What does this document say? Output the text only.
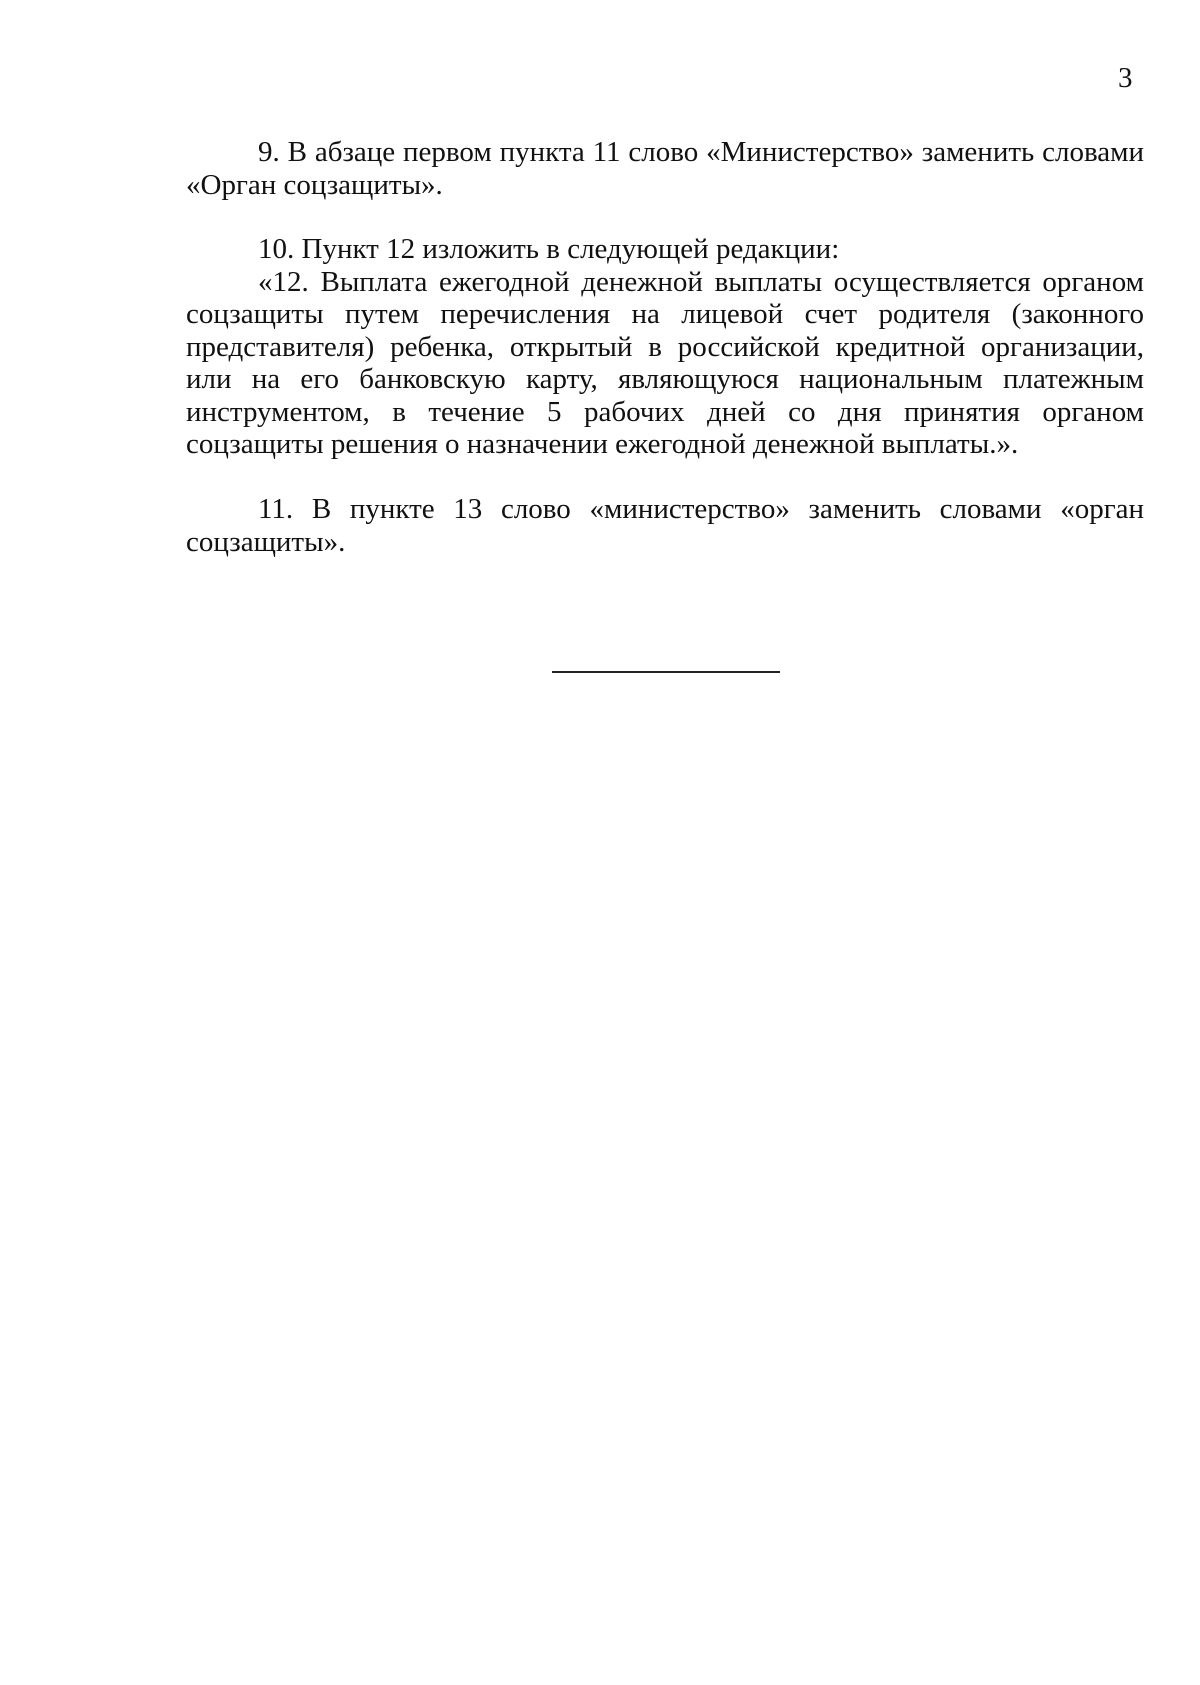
3

9. В абзаце первом пункта 11 слово «Министерство» заменить словами «Орган соцзащиты».

10. Пункт 12 изложить в следующей редакции:

«12. Выплата ежегодной денежной выплаты осуществляется органом соцзащиты путем перечисления на лицевой счет родителя (законного представителя) ребенка, открытый в российской кредитной организации, или на его банковскую карту, являющуюся национальным платежным инструментом, в течение 5 рабочих дней со дня принятия органом соцзащиты решения о назначении ежегодной денежной выплаты.».

11. В пункте 13 слово «министерство» заменить словами «орган соцзащиты».
